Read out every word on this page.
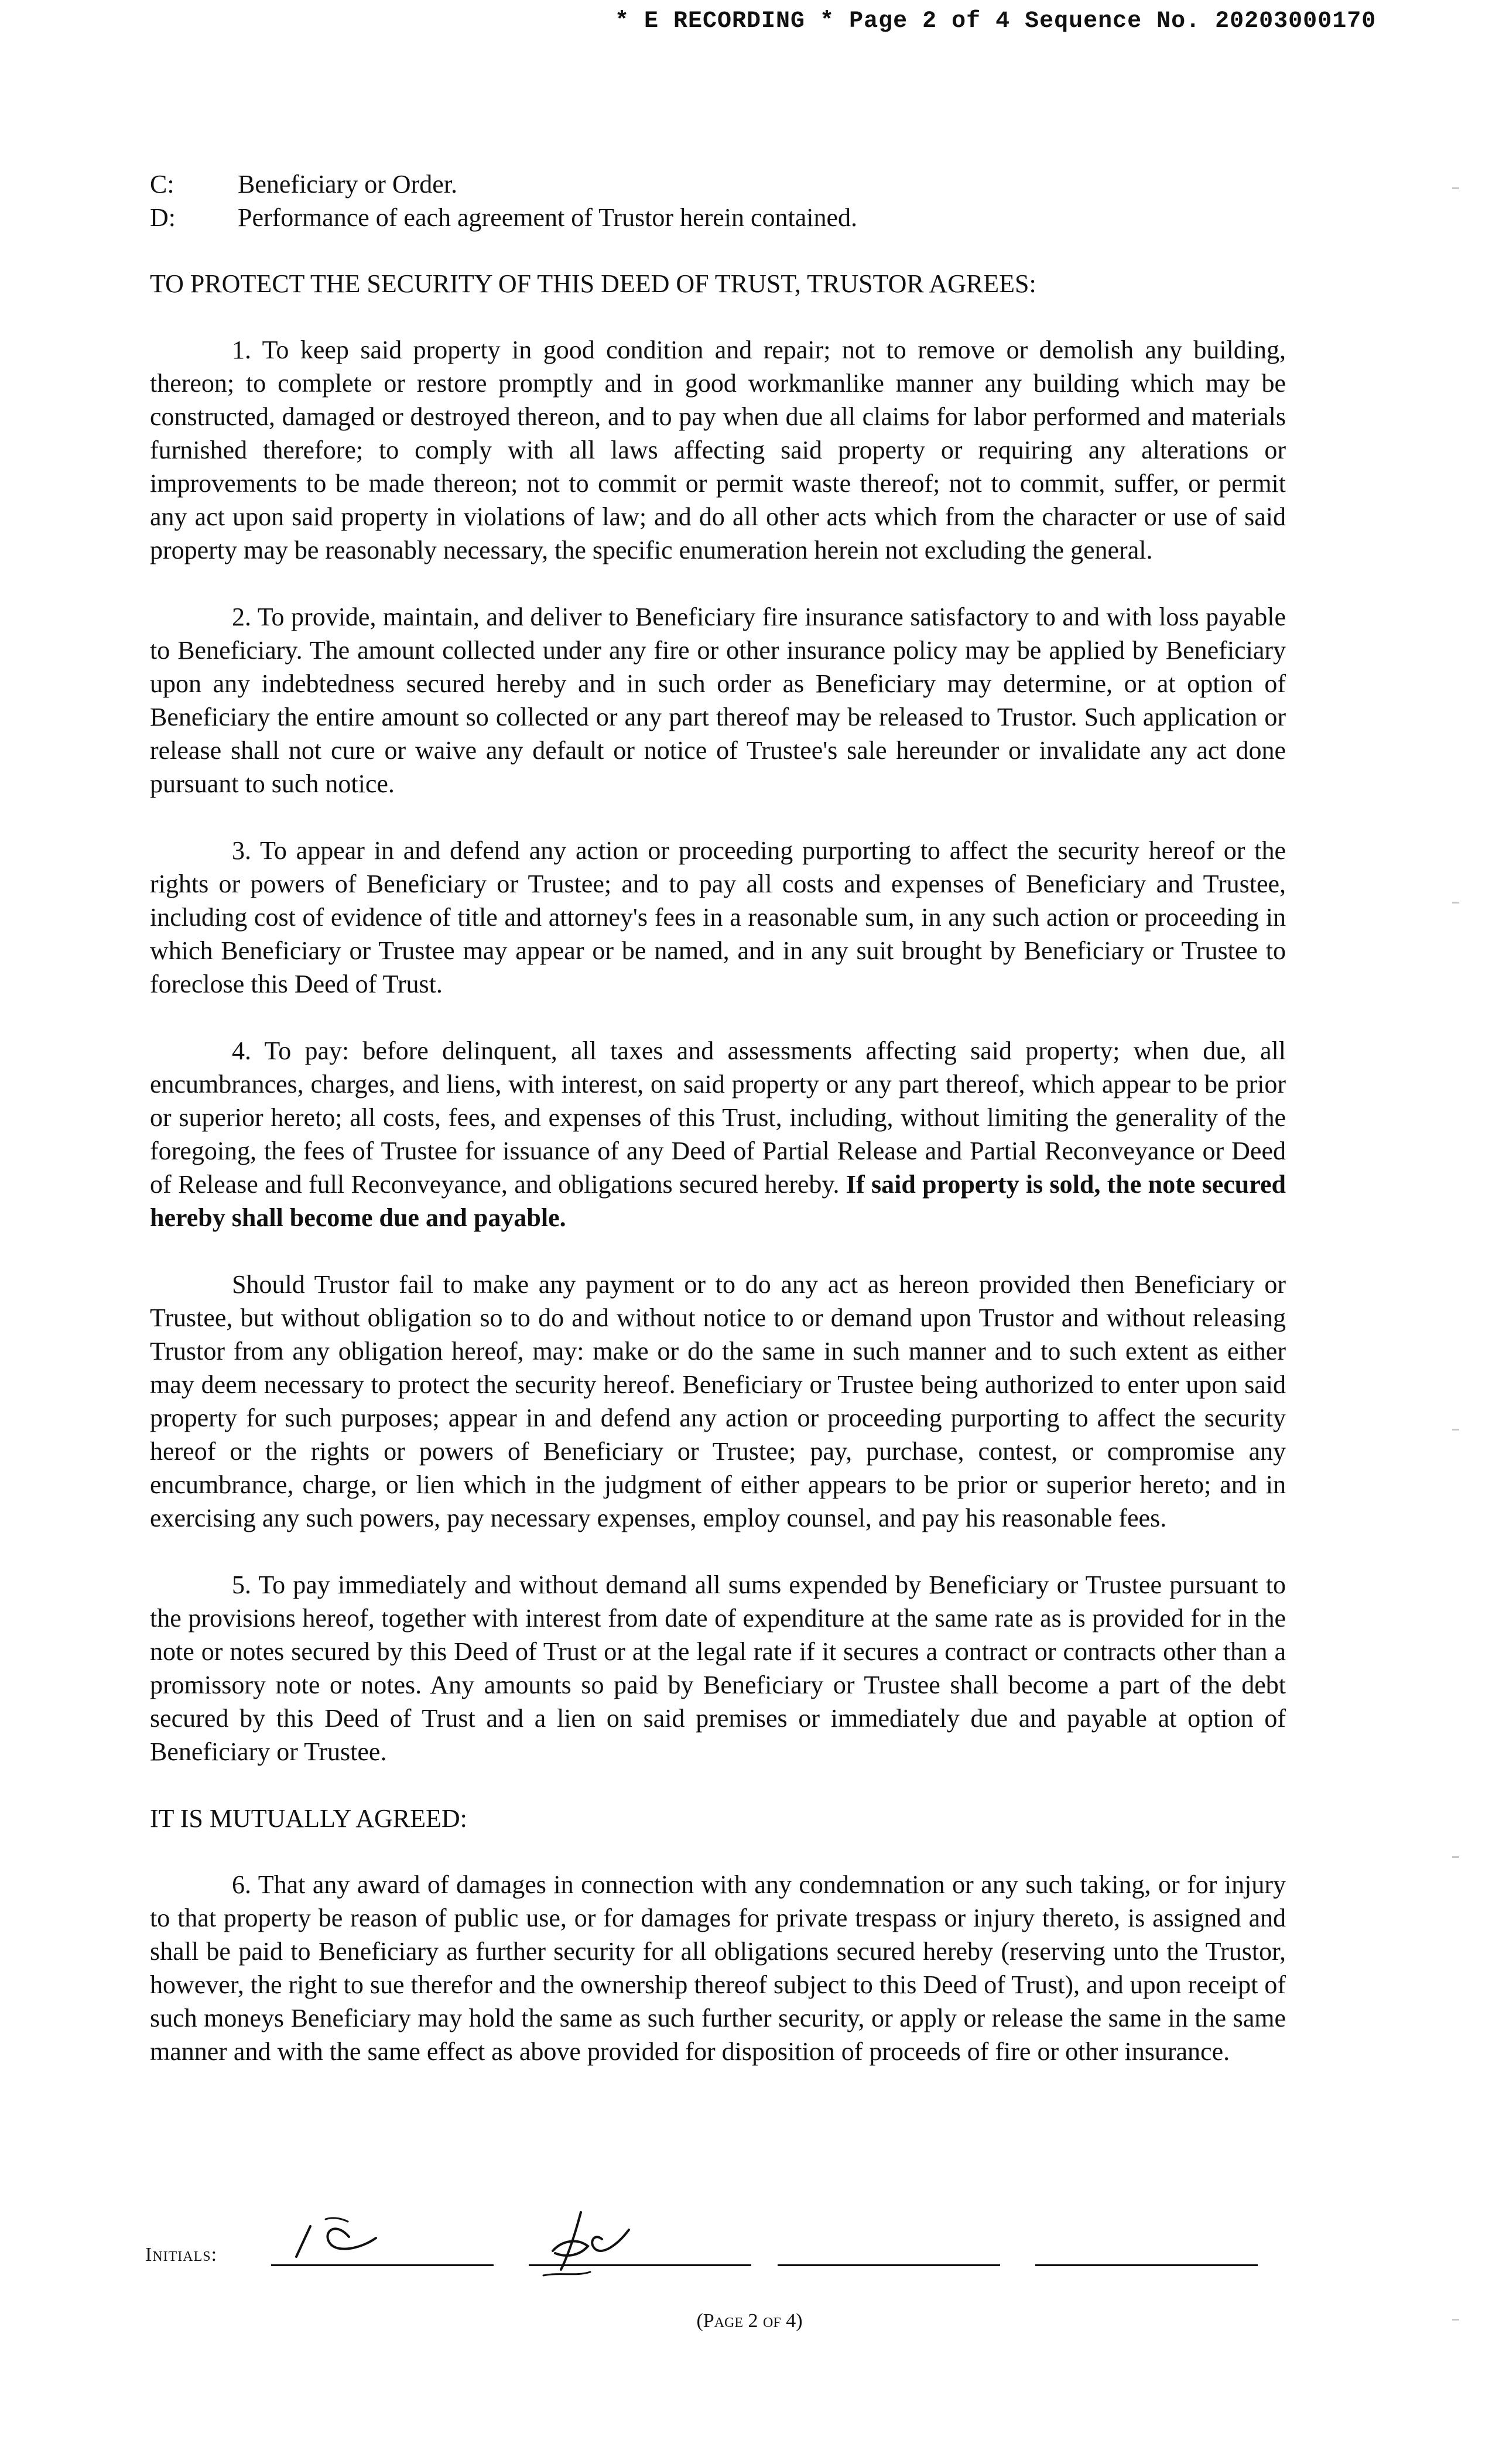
* E RECORDING * Page 2 of 4 Sequence No. 20203000170
C:	Beneficiary or Order.
D:	Performance of each agreement of Trustor herein contained.
TO PROTECT THE SECURITY OF THIS DEED OF TRUST, TRUSTOR AGREES:

1. To keep said property in good condition and repair; not to remove or demolish any building, thereon; to complete or restore promptly and in good workmanlike manner any building which may be constructed, damaged or destroyed thereon, and to pay when due all claims for labor performed and materials furnished therefore; to comply with all laws affecting said property or requiring any alterations or improvements to be made thereon; not to commit or permit waste thereof; not to commit, suffer, or permit any act upon said property in violations of law; and do all other acts which from the character or use of said property may be reasonably necessary, the specific enumeration herein not excluding the general.

2. To provide, maintain, and deliver to Beneficiary fire insurance satisfactory to and with loss payable to Beneficiary. The amount collected under any fire or other insurance policy may be applied by Beneficiary upon any indebtedness secured hereby and in such order as Beneficiary may determine, or at option of Beneficiary the entire amount so collected or any part thereof may be released to Trustor. Such application or release shall not cure or waive any default or notice of Trustee's sale hereunder or invalidate any act done pursuant to such notice.

3. To appear in and defend any action or proceeding purporting to affect the security hereof or the rights or powers of Beneficiary or Trustee; and to pay all costs and expenses of Beneficiary and Trustee, including cost of evidence of title and attorney's fees in a reasonable sum, in any such action or proceeding in which Beneficiary or Trustee may appear or be named, and in any suit brought by Beneficiary or Trustee to foreclose this Deed of Trust.

4. To pay: before delinquent, all taxes and assessments affecting said property; when due, all encumbrances, charges, and liens, with interest, on said property or any part thereof, which appear to be prior or superior hereto; all costs, fees, and expenses of this Trust, including, without limiting the generality of the foregoing, the fees of Trustee for issuance of any Deed of Partial Release and Partial Reconveyance or Deed of Release and full Reconveyance, and obligations secured hereby. If said property is sold, the note secured hereby shall become due and payable.

Should Trustor fail to make any payment or to do any act as hereon provided then Beneficiary or Trustee, but without obligation so to do and without notice to or demand upon Trustor and without releasing Trustor from any obligation hereof, may: make or do the same in such manner and to such extent as either may deem necessary to protect the security hereof. Beneficiary or Trustee being authorized to enter upon said property for such purposes; appear in and defend any action or proceeding purporting to affect the security hereof or the rights or powers of Beneficiary or Trustee; pay, purchase, contest, or compromise any encumbrance, charge, or lien which in the judgment of either appears to be prior or superior hereto; and in exercising any such powers, pay necessary expenses, employ counsel, and pay his reasonable fees.

5. To pay immediately and without demand all sums expended by Beneficiary or Trustee pursuant to the provisions hereof, together with interest from date of expenditure at the same rate as is provided for in the note or notes secured by this Deed of Trust or at the legal rate if it secures a contract or contracts other than a promissory note or notes. Any amounts so paid by Beneficiary or Trustee shall become a part of the debt secured by this Deed of Trust and a lien on said premises or immediately due and payable at option of Beneficiary or Trustee.

IT IS MUTUALLY AGREED:

6. That any award of damages in connection with any condemnation or any such taking, or for injury to that property be reason of public use, or for damages for private trespass or injury thereto, is assigned and shall be paid to Beneficiary as further security for all obligations secured hereby (reserving unto the Trustor, however, the right to sue therefor and the ownership thereof subject to this Deed of Trust), and upon receipt of such moneys Beneficiary may hold the same as such further security, or apply or release the same in the same manner and with the same effect as above provided for disposition of proceeds of fire or other insurance.

Initials:
(Page 2 of 4)
